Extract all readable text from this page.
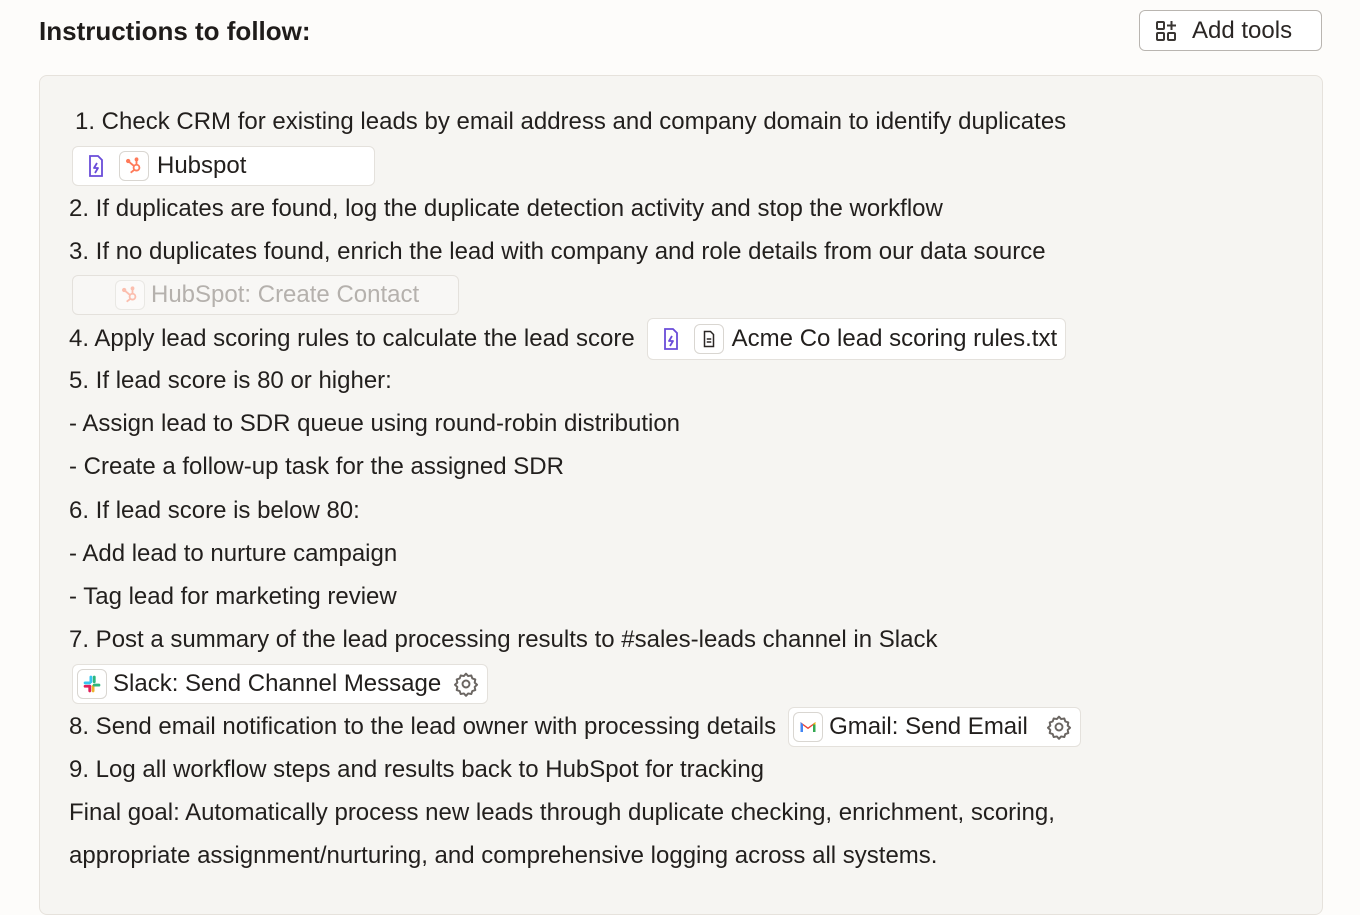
Instructions to follow:	Add tools
1. Check CRM for existing leads by email address and company domain to identify duplicates
Hubspot
2. If duplicates are found, log the duplicate detection activity and stop the workflow
3. If no duplicates found, enrich the lead with company and role details from our data source
HubSpot: Create Contact
4. Apply lead scoring rules to calculate the lead score	Acme Co lead scoring rules.txt
5. If lead score is 80 or higher:
- Assign lead to SDR queue using round-robin distribution
- Create a follow-up task for the assigned SDR
6. If lead score is below 80:
- Add lead to nurture campaign
- Tag lead for marketing review
7. Post a summary of the lead processing results to #sales-leads channel in Slack
Slack: Send Channel Message
8. Send email notification to the lead owner with processing details Gmail: Send Email
9. Log all workflow steps and results back to HubSpot for tracking
Final goal: Automatically process new leads through duplicate checking, enrichment, scoring,
appropriate assignment/nurturing, and comprehensive logging across all systems.
